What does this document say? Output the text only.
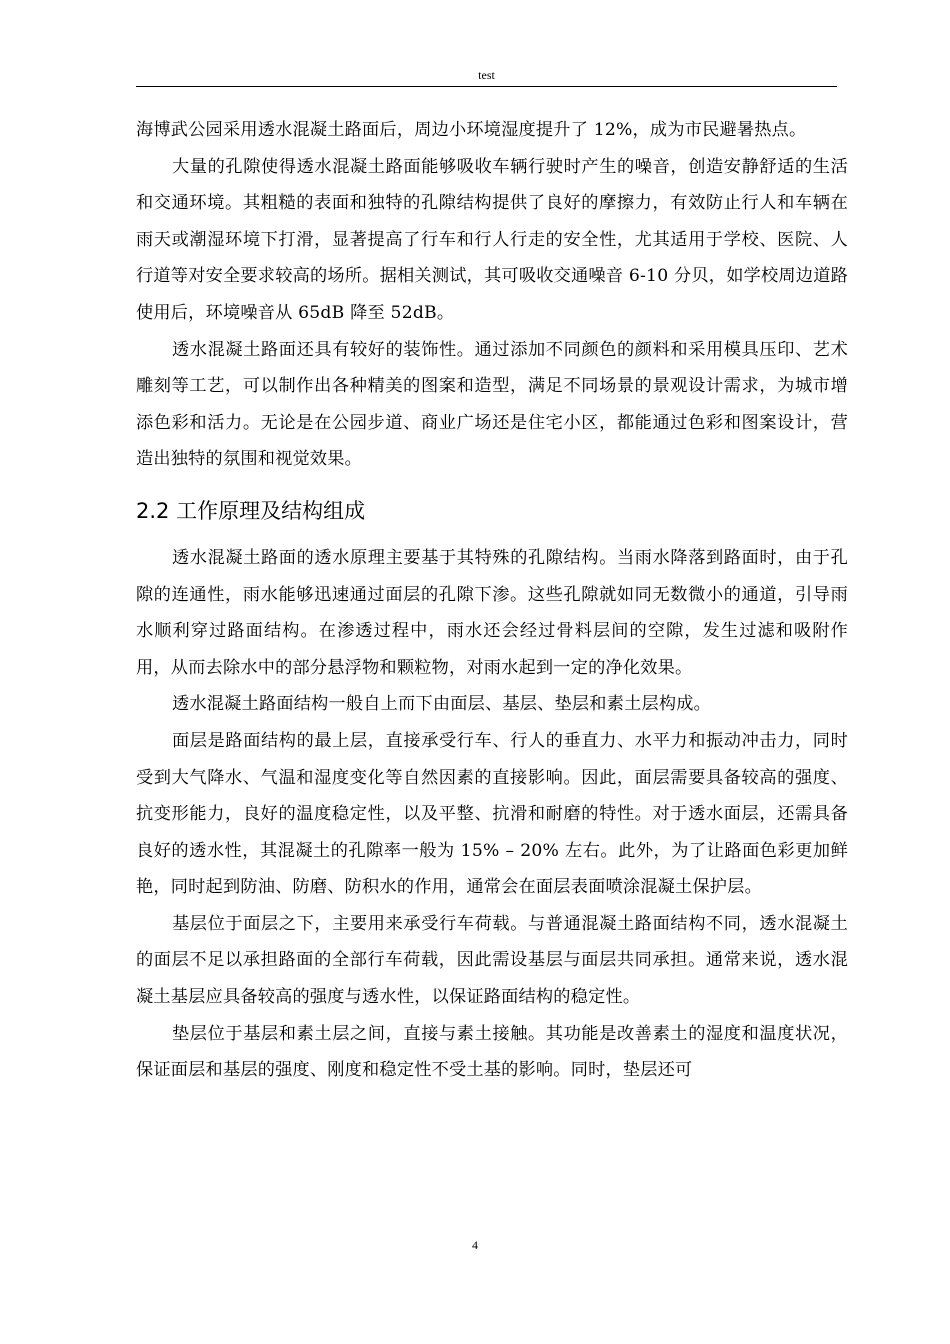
test

海博武公园采用透水混凝土路面后，周边小环境湿度提升了 12%，成为市民避暑热点。

大量的孔隙使得透水混凝土路面能够吸收车辆行驶时产生的噪音，创造安静舒适的生活和交通环境。其粗糙的表面和独特的孔隙结构提供了良好的摩擦力，有效防止行人和车辆在雨天或潮湿环境下打滑，显著提高了行车和行人行走的安全性，尤其适用于学校、医院、人行道等对安全要求较高的场所。据相关测试，其可吸收交通噪音 6-10 分贝，如学校周边道路使用后，环境噪音从 65dB 降至 52dB。

透水混凝土路面还具有较好的装饰性。通过添加不同颜色的颜料和采用模具压印、艺术雕刻等工艺，可以制作出各种精美的图案和造型，满足不同场景的景观设计需求，为城市增添色彩和活力。无论是在公园步道、商业广场还是住宅小区，都能通过色彩和图案设计，营造出独特的氛围和视觉效果。

2.2 工作原理及结构组成

透水混凝土路面的透水原理主要基于其特殊的孔隙结构。当雨水降落到路面时，由于孔隙的连通性，雨水能够迅速通过面层的孔隙下渗。这些孔隙就如同无数微小的通道，引导雨水顺利穿过路面结构。在渗透过程中，雨水还会经过骨料层间的空隙，发生过滤和吸附作用，从而去除水中的部分悬浮物和颗粒物，对雨水起到一定的净化效果。

透水混凝土路面结构一般自上而下由面层、基层、垫层和素土层构成。

面层是路面结构的最上层，直接承受行车、行人的垂直力、水平力和振动冲击力，同时受到大气降水、气温和湿度变化等自然因素的直接影响。因此，面层需要具备较高的强度、抗变形能力，良好的温度稳定性，以及平整、抗滑和耐磨的特性。对于透水面层，还需具备良好的透水性，其混凝土的孔隙率一般为 15% – 20% 左右。此外，为了让路面色彩更加鲜艳，同时起到防油、防磨、防积水的作用，通常会在面层表面喷涂混凝土保护层。

基层位于面层之下，主要用来承受行车荷载。与普通混凝土路面结构不同，透水混凝土的面层不足以承担路面的全部行车荷载，因此需设基层与面层共同承担。通常来说，透水混凝土基层应具备较高的强度与透水性，以保证路面结构的稳定性。

垫层位于基层和素土层之间，直接与素土接触。其功能是改善素土的湿度和温度状况，保证面层和基层的强度、刚度和稳定性不受土基的影响。同时，垫层还可

4
